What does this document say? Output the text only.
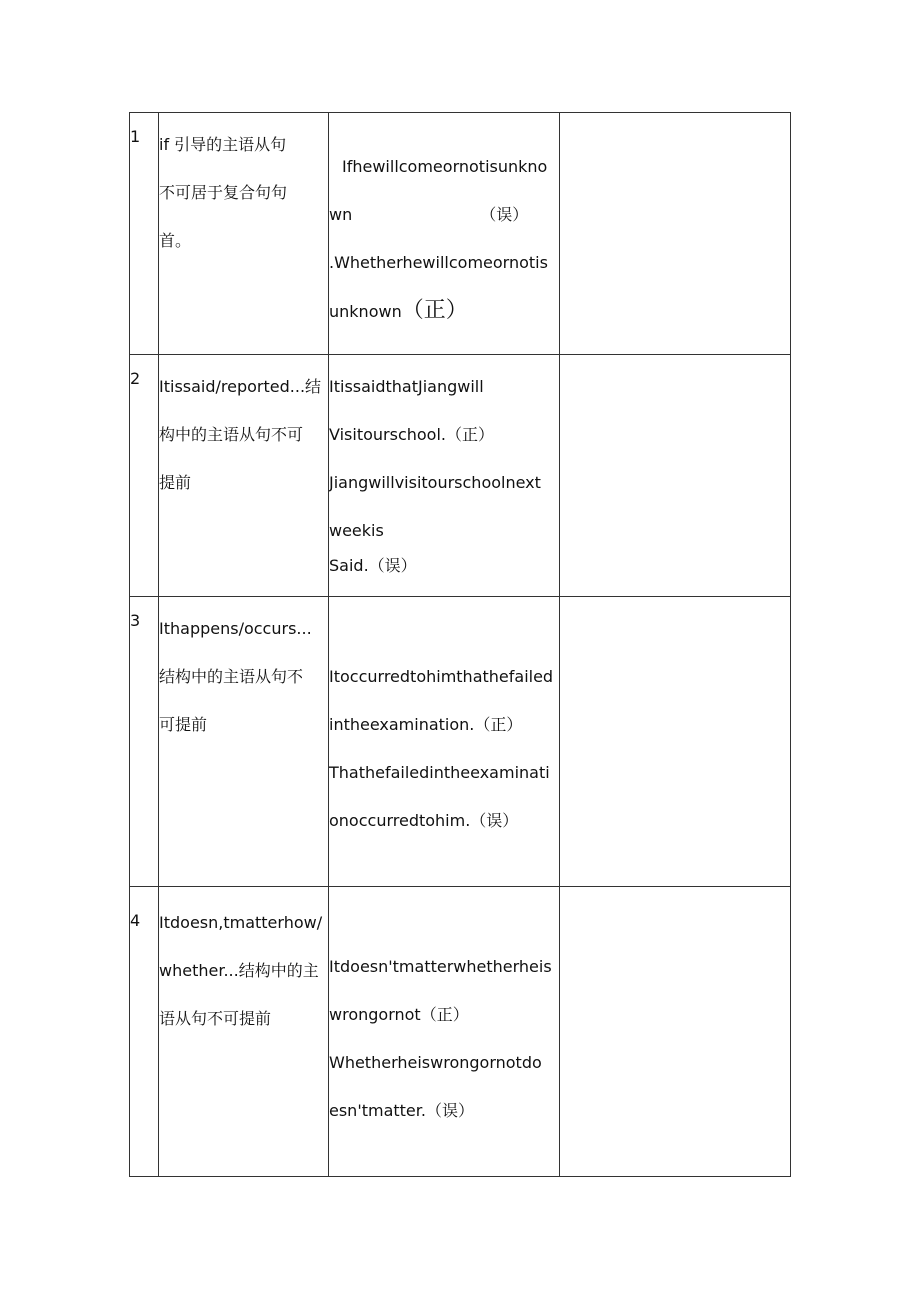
1	if 引导的主语从句
不可居于复合句句
首。	Ifhewillcomeornotisunkno
wn （误）
.Whetherhewillcomeornotis
unknown（正）	

2	Itissaid/reported...结
构中的主语从句不可
提前	ItissaidthatJiangwill
Visitourschool.（正）
Jiangwillvisitourschoolnext
weekis
Said.（误）	

3	Ithappens/occurs...
结构中的主语从句不
可提前	Itoccurredtohimthathefailed
intheexamination.（正）
Thathefailedintheexaminati
onoccurredtohim.（误）	

4	Itdoesn,tmatterhow/
whether...结构中的主
语从句不可提前	Itdoesn'tmatterwhetherheis
wrongornot（正）
Whetherheiswrongornotdo
esn'tmatter.（误）	
